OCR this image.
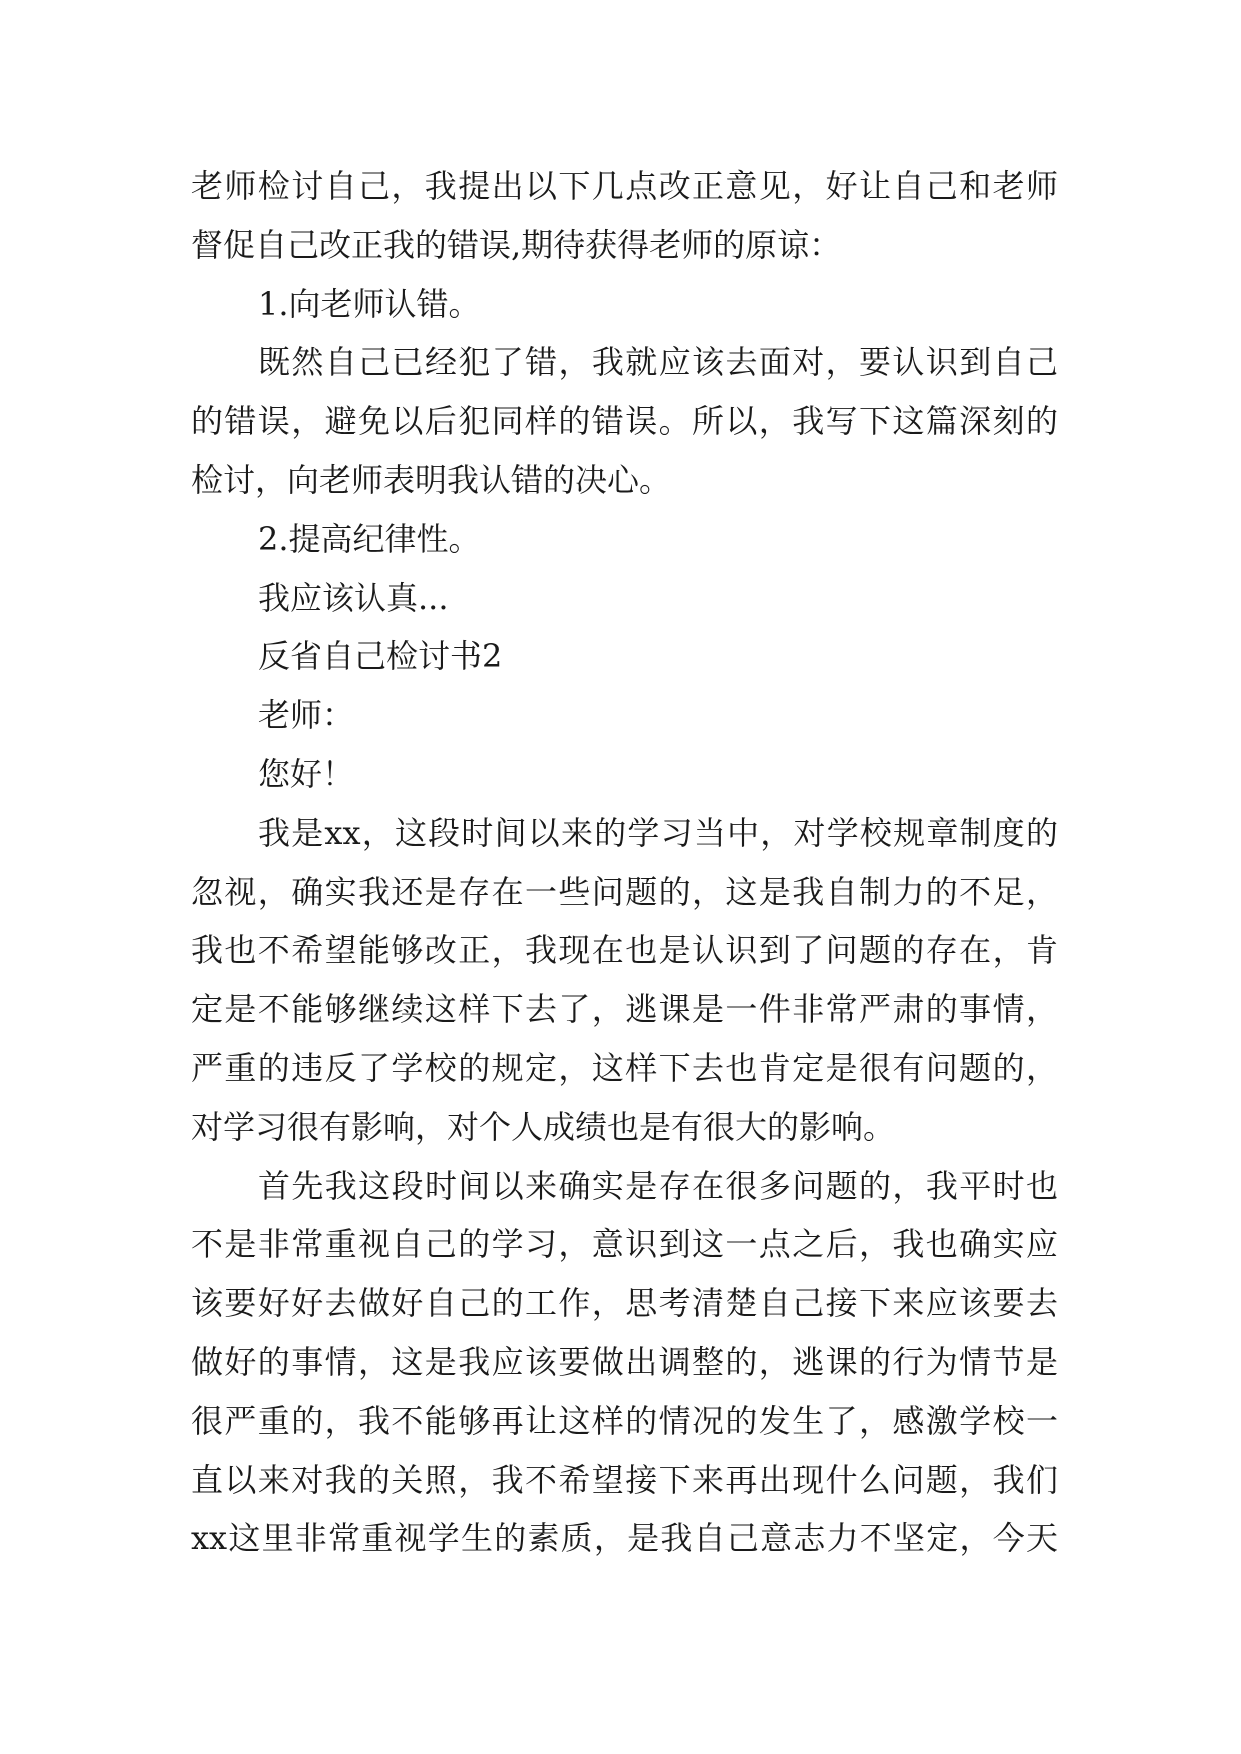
老师检讨自己，我提出以下几点改正意见，好让自己和老师
督促自己改正我的错误,期待获得老师的原谅：
1.向老师认错。
既然自己已经犯了错，我就应该去面对，要认识到自己
的错误，避免以后犯同样的错误。所以，我写下这篇深刻的
检讨，向老师表明我认错的决心。
2.提高纪律性。
我应该认真...
反省自己检讨书2
老师：
您好！
我是xx，这段时间以来的学习当中，对学校规章制度的
忽视，确实我还是存在一些问题的，这是我自制力的不足，
我也不希望能够改正，我现在也是认识到了问题的存在，肯
定是不能够继续这样下去了，逃课是一件非常严肃的事情，
严重的违反了学校的规定，这样下去也肯定是很有问题的，
对学习很有影响，对个人成绩也是有很大的影响。
首先我这段时间以来确实是存在很多问题的，我平时也
不是非常重视自己的学习，意识到这一点之后，我也确实应
该要好好去做好自己的工作，思考清楚自己接下来应该要去
做好的事情，这是我应该要做出调整的，逃课的行为情节是
很严重的，我不能够再让这样的情况的发生了，感激学校一
直以来对我的关照，我不希望接下来再出现什么问题，我们
xx这里非常重视学生的素质，是我自己意志力不坚定，今天
